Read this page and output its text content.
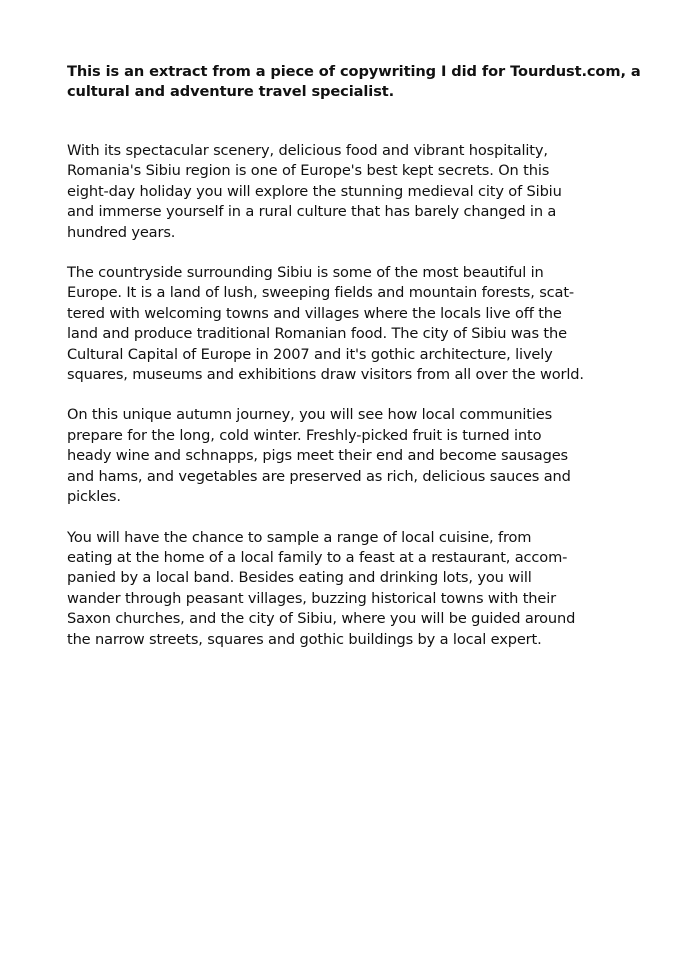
This is an extract from a piece of copywriting I did for Tourdust.com, a
cultural and adventure travel specialist.

With its spectacular scenery, delicious food and vibrant hospitality,
Romania's Sibiu region is one of Europe's best kept secrets. On this
eight-day holiday you will explore the stunning medieval city of Sibiu
and immerse yourself in a rural culture that has barely changed in a
hundred years.

The countryside surrounding Sibiu is some of the most beautiful in
Europe. It is a land of lush, sweeping fields and mountain forests, scat-
tered with welcoming towns and villages where the locals live off the
land and produce traditional Romanian food. The city of Sibiu was the
Cultural Capital of Europe in 2007 and it's gothic architecture, lively
squares, museums and exhibitions draw visitors from all over the world.

On this unique autumn journey, you will see how local communities
prepare for the long, cold winter. Freshly-picked fruit is turned into
heady wine and schnapps, pigs meet their end and become sausages
and hams, and vegetables are preserved as rich, delicious sauces and
pickles.

You will have the chance to sample a range of local cuisine, from
eating at the home of a local family to a feast at a restaurant, accom-
panied by a local band. Besides eating and drinking lots, you will
wander through peasant villages, buzzing historical towns with their
Saxon churches, and the city of Sibiu, where you will be guided around
the narrow streets, squares and gothic buildings by a local expert.
